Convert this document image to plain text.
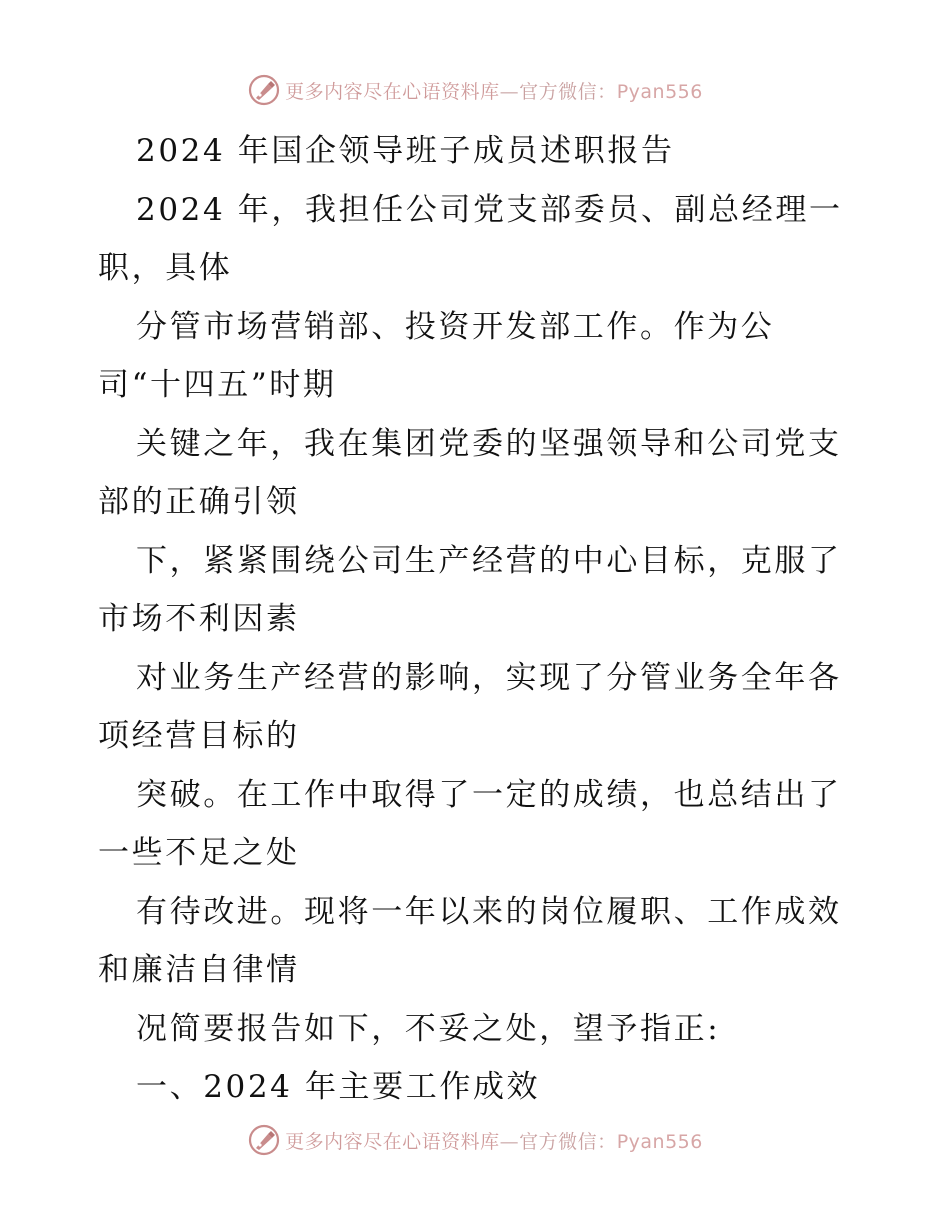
更多内容尽在心语资料库—官方微信：Pyan556
2024 年国企领导班子成员述职报告
2024 年，我担任公司党支部委员、副总经理一
职，具体
分管市场营销部、投资开发部工作。作为公
司“十四五”时期
关键之年，我在集团党委的坚强领导和公司党支
部的正确引领
下，紧紧围绕公司生产经营的中心目标，克服了
市场不利因素
对业务生产经营的影响，实现了分管业务全年各
项经营目标的
突破。在工作中取得了一定的成绩，也总结出了
一些不足之处
有待改进。现将一年以来的岗位履职、工作成效
和廉洁自律情
况简要报告如下，不妥之处，望予指正:
一、2024 年主要工作成效
更多内容尽在心语资料库—官方微信：Pyan556
